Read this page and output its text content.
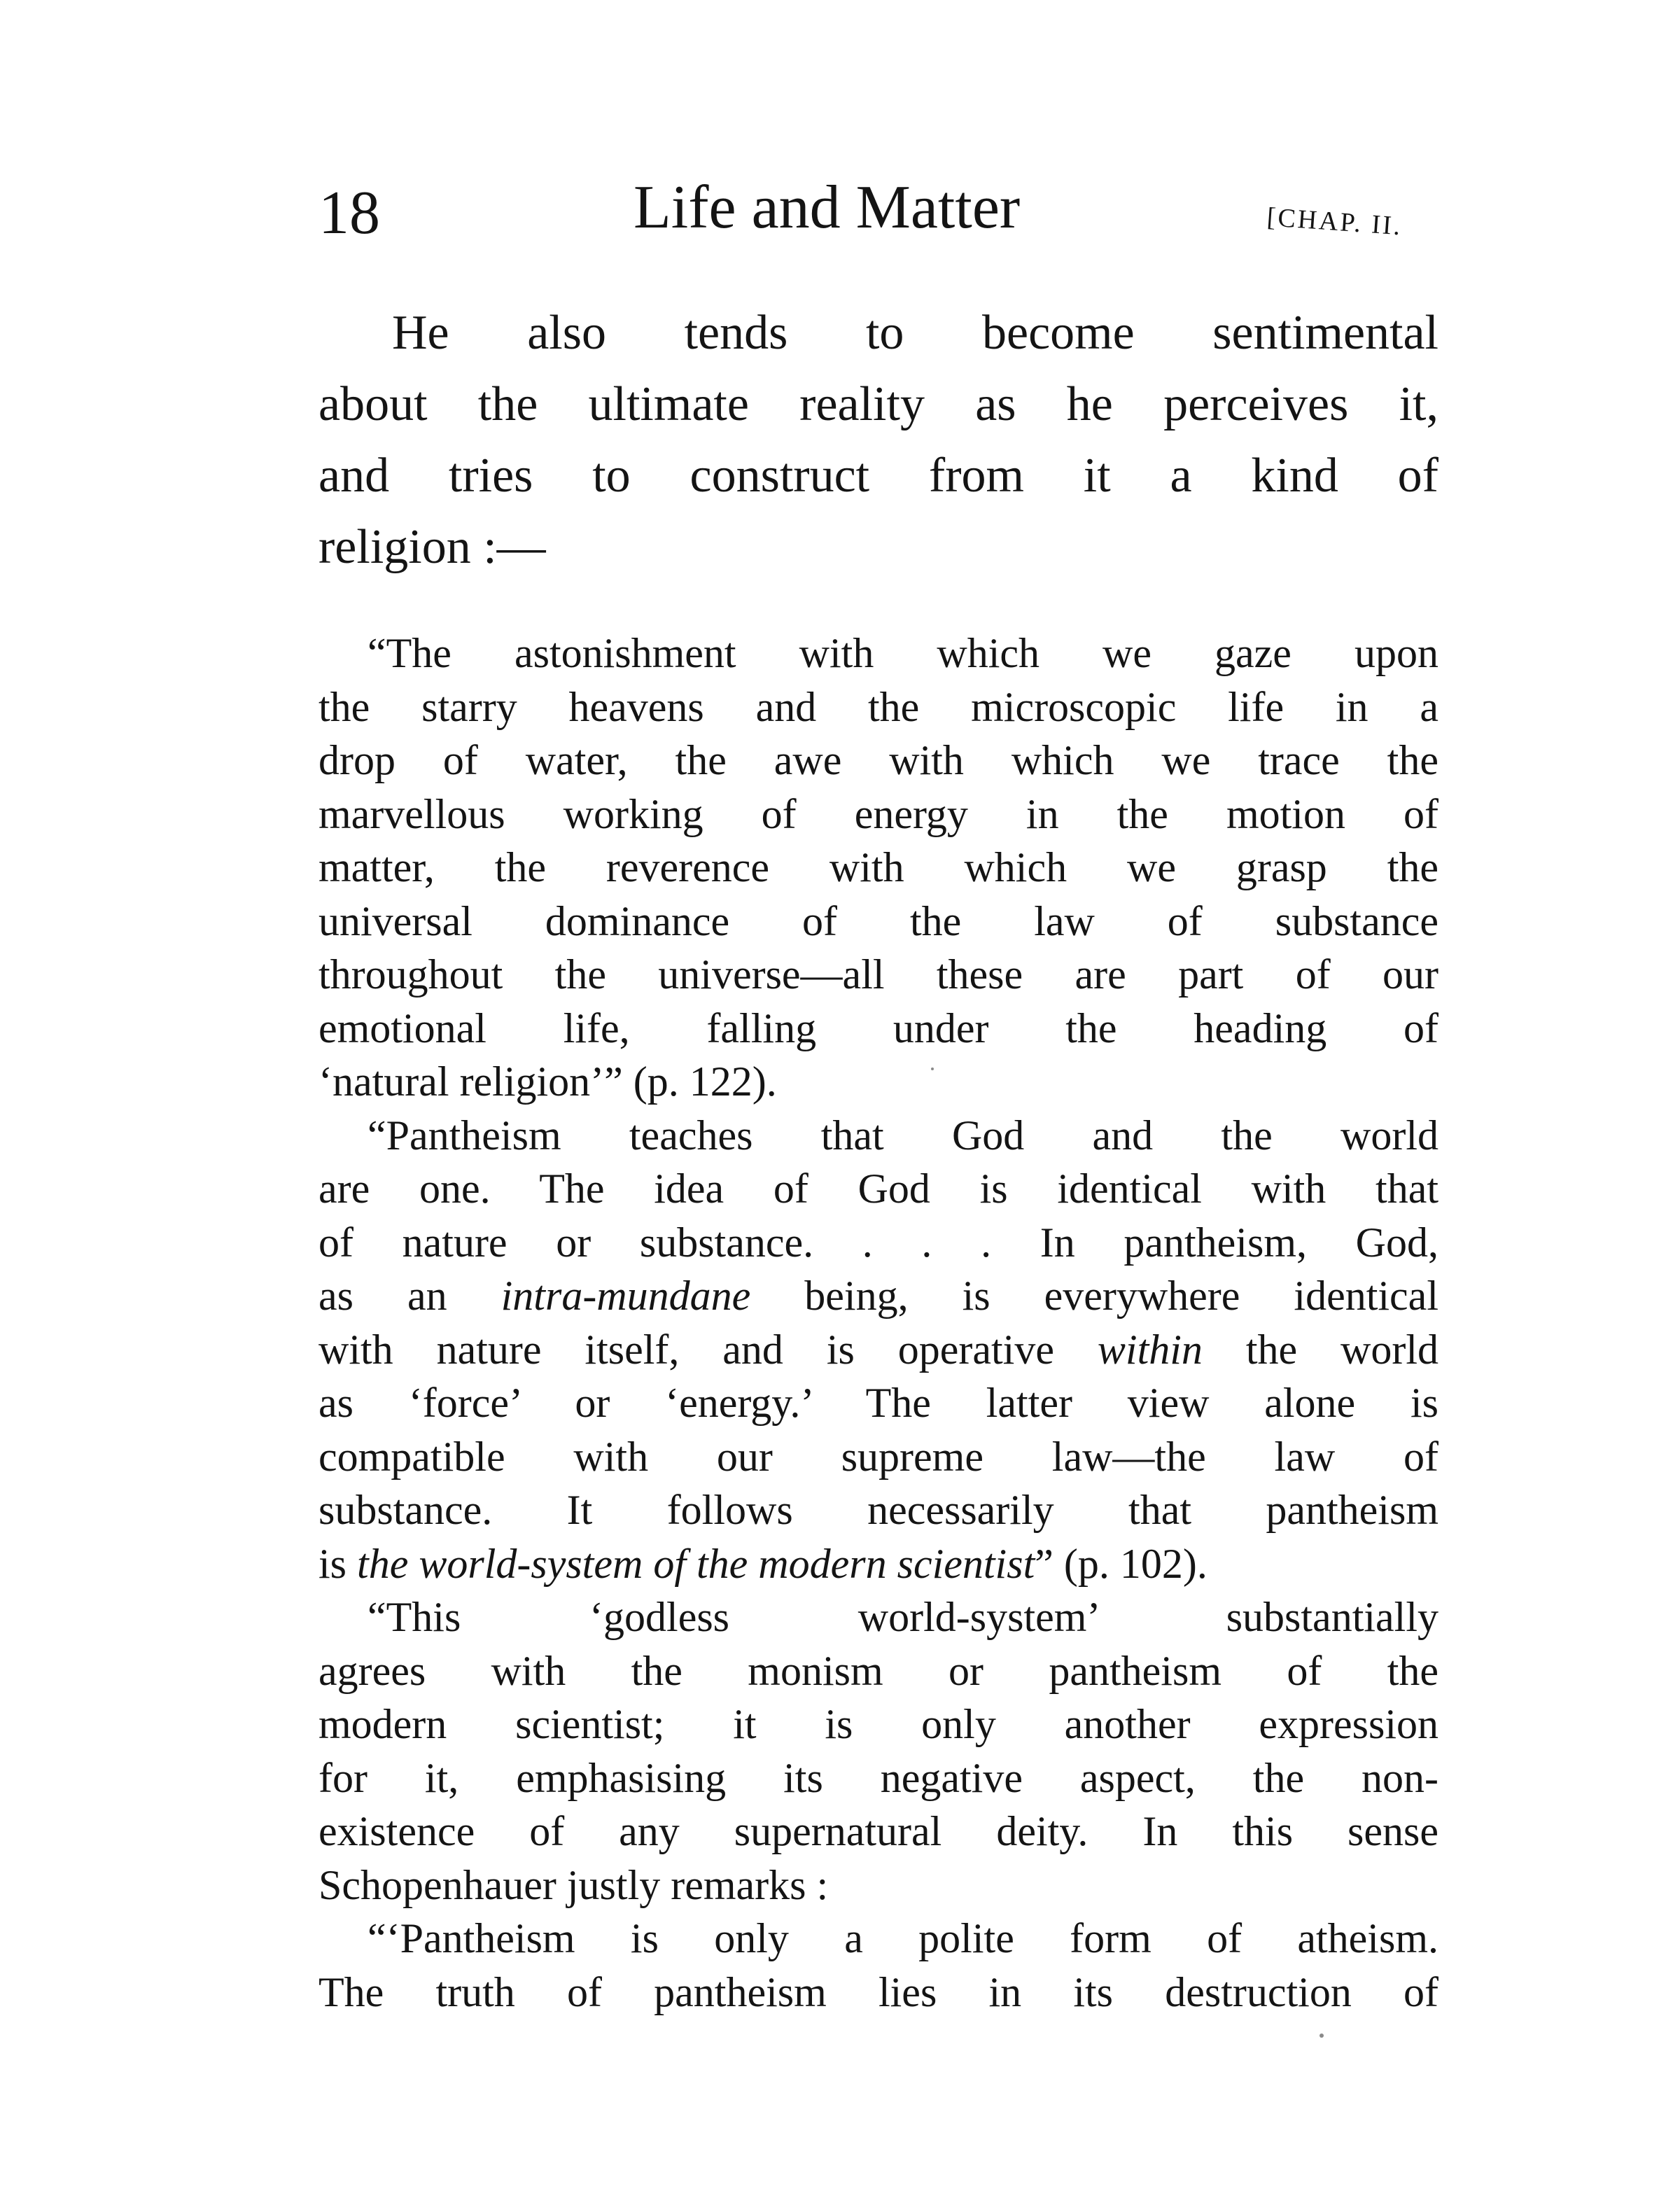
18	Life and Matter	[CHAP. II.
He also tends to become sentimental
about the ultimate reality as he perceives it,
and tries to construct from it a kind of
religion :—
“The astonishment with which we gaze upon
the starry heavens and the microscopic life in a
drop of water, the awe with which we trace the
marvellous working of energy in the motion of
matter, the reverence with which we grasp the
universal dominance of the law of substance
throughout the universe—all these are part of our
emotional life, falling under the heading of
‘natural religion’” (p. 122).
“Pantheism teaches that God and the world
are one. The idea of God is identical with that
of nature or substance. . . . In pantheism, God,
as an intra-mundane being, is everywhere identical
with nature itself, and is operative within the world
as ‘force’ or ‘energy.’ The latter view alone is
compatible with our supreme law—the law of
substance. It follows necessarily that pantheism
is the world-system of the modern scientist” (p. 102).
“This ‘godless world-system’ substantially
agrees with the monism or pantheism of the
modern scientist; it is only another expression
for it, emphasising its negative aspect, the non-
existence of any supernatural deity. In this sense
Schopenhauer justly remarks :
“‘Pantheism is only a polite form of atheism.
The truth of pantheism lies in its destruction of
